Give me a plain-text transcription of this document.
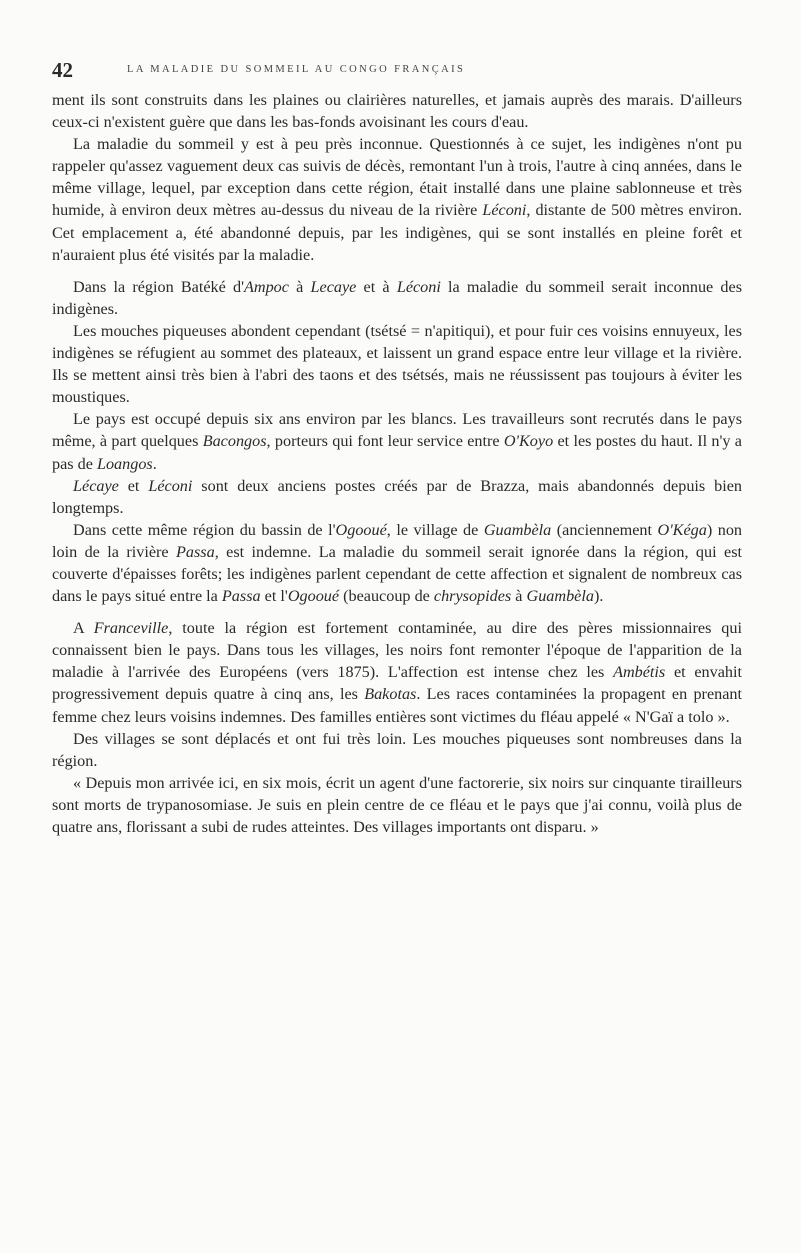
42	LA MALADIE DU SOMMEIL AU CONGO FRANÇAIS

ment ils sont construits dans les plaines ou clairières naturelles, et jamais auprès des marais. D'ailleurs ceux-ci n'existent guère que dans les bas-fonds avoisinant les cours d'eau.

La maladie du sommeil y est à peu près inconnue. Questionnés à ce sujet, les indigènes n'ont pu rappeler qu'assez vaguement deux cas suivis de décès, remontant l'un à trois, l'autre à cinq années, dans le même village, lequel, par exception dans cette région, était installé dans une plaine sablonneuse et très humide, à environ deux mètres au-dessus du niveau de la rivière Léconi, distante de 500 mètres environ. Cet emplacement a, été abandonné depuis, par les indigènes, qui se sont installés en pleine forêt et n'auraient plus été visités par la maladie.

Dans la région Batéké d'Ampoc à Lecaye et à Léconi la maladie du sommeil serait inconnue des indigènes.

Les mouches piqueuses abondent cependant (tsétsé = n'apitiqui), et pour fuir ces voisins ennuyeux, les indigènes se réfugient au sommet des plateaux, et laissent un grand espace entre leur village et la rivière. Ils se mettent ainsi très bien à l'abri des taons et des tsétsés, mais ne réussissent pas toujours à éviter les moustiques.

Le pays est occupé depuis six ans environ par les blancs. Les travailleurs sont recrutés dans le pays même, à part quelques Bacongos, porteurs qui font leur service entre O'Koyo et les postes du haut. Il n'y a pas de Loangos.

Lécaye et Léconi sont deux anciens postes créés par de Brazza, mais abandonnés depuis bien longtemps.

Dans cette même région du bassin de l'Ogooué, le village de Guambèla (anciennement O'Kéga) non loin de la rivière Passa, est indemne. La maladie du sommeil serait ignorée dans la région, qui est couverte d'épaisses forêts; les indigènes parlent cependant de cette affection et signalent de nombreux cas dans le pays situé entre la Passa et l'Ogooué (beaucoup de chrysopides à Guambèla).

A Franceville, toute la région est fortement contaminée, au dire des pères missionnaires qui connaissent bien le pays. Dans tous les villages, les noirs font remonter l'époque de l'apparition de la maladie à l'arrivée des Européens (vers 1875). L'affection est intense chez les Ambétis et envahit progressivement depuis quatre à cinq ans, les Bakotas. Les races contaminées la propagent en prenant femme chez leurs voisins indemnes. Des familles entières sont victimes du fléau appelé « N'Gaï a tolo ».

Des villages se sont déplacés et ont fui très loin. Les mouches piqueuses sont nombreuses dans la région.

« Depuis mon arrivée ici, en six mois, écrit un agent d'une factorerie, six noirs sur cinquante tirailleurs sont morts de trypanosomiase. Je suis en plein centre de ce fléau et le pays que j'ai connu, voilà plus de quatre ans, florissant a subi de rudes atteintes. Des villages importants ont disparu. »
